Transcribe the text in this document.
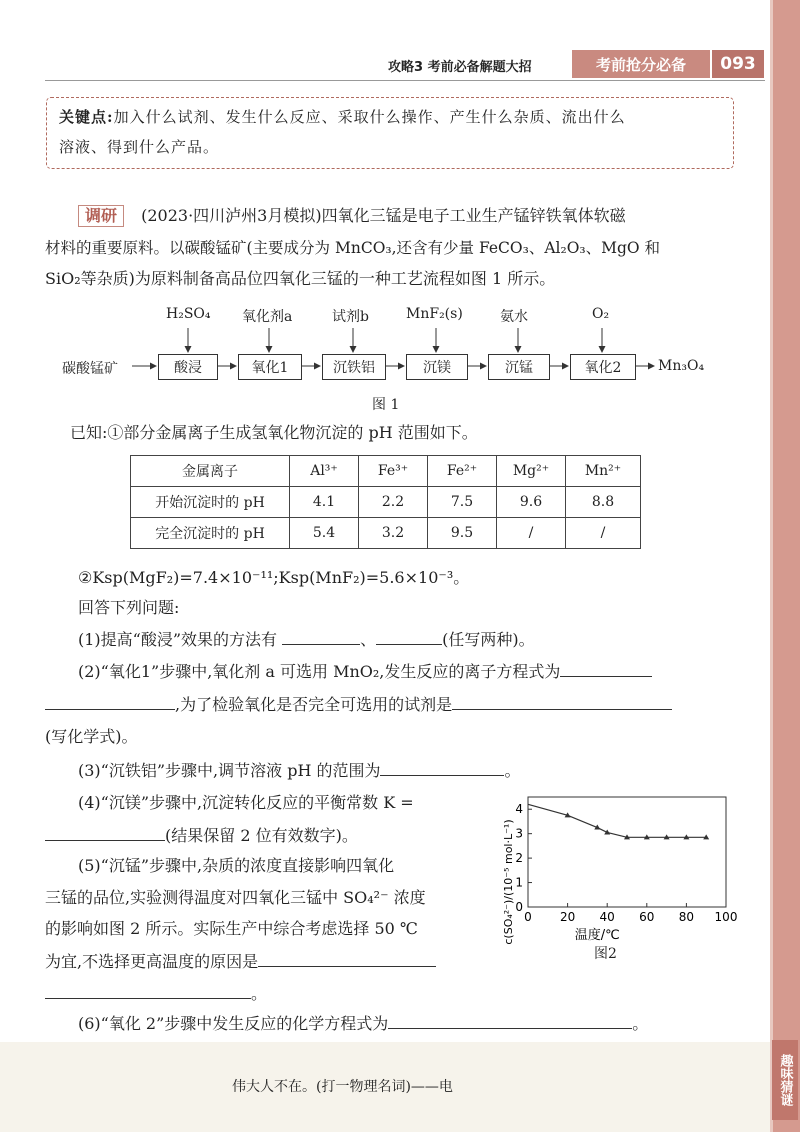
趣味猜谜
攻略3 考前必备解题大招	考前抢分必备	093
关键点:加入什么试剂、发生什么反应、采取什么操作、产生什么杂质、流出什么
溶液、得到什么产品。
调研 (2023·四川泸州3月模拟)四氧化三锰是电子工业生产锰锌铁氧体软磁
材料的重要原料。以碳酸锰矿(主要成分为 MnCO₃,还含有少量 FeCO₃、Al₂O₃、MgO 和
SiO₂等杂质)为原料制备高品位四氧化三锰的一种工艺流程如图 1 所示。
碳酸锰矿	Mn₃O₄
酸浸	氧化1	沉铁铝	沉镁	沉锰	氧化2
H₂SO₄ 氧化剂a	试剂b	MnF₂(s)	氨水	O₂
图 1
已知:①部分金属离子生成氢氧化物沉淀的 pH 范围如下。
金属离子	Al³⁺	Fe³⁺	Fe²⁺	Mg²⁺	Mn²⁺
开始沉淀时的 pH	4.1	2.2	7.5	9.6	8.8
完全沉淀时的 pH	5.4	3.2	9.5	/	/
②Ksp(MgF₂)=7.4×10⁻¹¹;Ksp(MnF₂)=5.6×10⁻³。
回答下列问题:
(1)提高“酸浸”效果的方法有	、	(任写两种)。
(2)“氧化1”步骤中,氧化剂 a 可选用 MnO₂,发生反应的离子方程式为
,为了检验氧化是否完全可选用的试剂是
(写化学式)。
(3)“沉铁铝”步骤中,调节溶液 pH 的范围为	。
(4)“沉镁”步骤中,沉淀转化反应的平衡常数 K =
(结果保留 2 位有效数字)。
(5)“沉锰”步骤中,杂质的浓度直接影响四氧化
三锰的品位,实验测得温度对四氧化三锰中 SO₄²⁻ 浓度
的影响如图 2 所示。实际生产中综合考虑选择 50 ℃
为宜,不选择更高温度的原因是
。
(6)“氧化 2”步骤中发生反应的化学方程式为	。
0 20 40 60 80 100
0
1
2
3
4
温度/℃
c(SO₄²⁻)/(10⁻⁵ mol·L⁻¹)
图2
伟大人不在。(打一物理名词)——电
